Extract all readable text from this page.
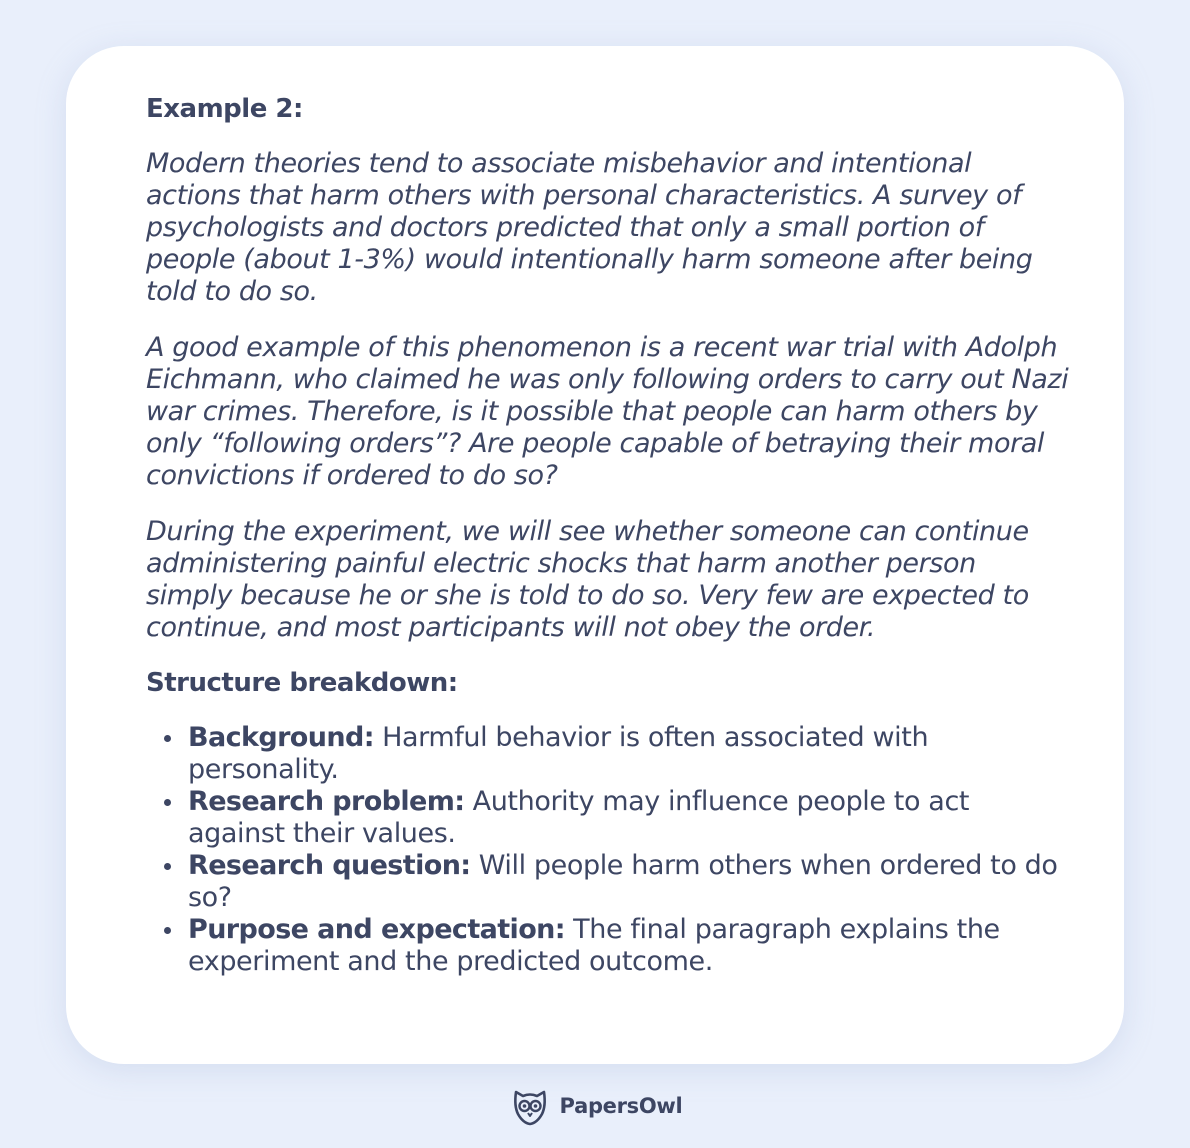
Example 2:

Modern theories tend to associate misbehavior and intentional actions that harm others with personal characteristics. A survey of psychologists and doctors predicted that only a small portion of people (about 1-3%) would intentionally harm someone after being told to do so.

A good example of this phenomenon is a recent war trial with Adolph Eichmann, who claimed he was only following orders to carry out Nazi war crimes. Therefore, is it possible that people can harm others by only “following orders”? Are people capable of betraying their moral convictions if ordered to do so?

During the experiment, we will see whether someone can continue administering painful electric shocks that harm another person simply because he or she is told to do so. Very few are expected to continue, and most participants will not obey the order.

Structure breakdown:
Background: Harmful behavior is often associated with personality.
Research problem: Authority may influence people to act against their values.
Research question: Will people harm others when ordered to do so?
Purpose and expectation: The final paragraph explains the experiment and the predicted outcome.
PapersOwl
